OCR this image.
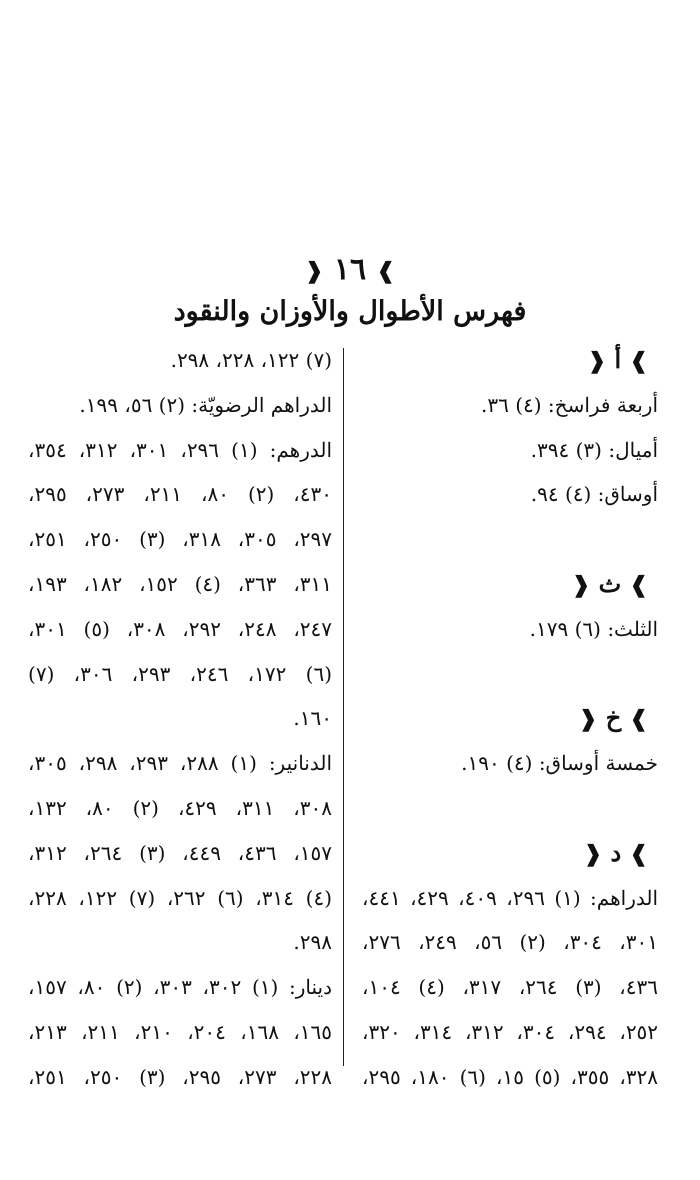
❱ ١٦ ❰
فهرس الأطوال والأوزان والنقود
❱ أ ❰
أربعة فراسخ: (٤) ٣٦.
أميال: (٣) ٣٩٤.
أوساق: (٤) ٩٤.
❱ ث ❰
الثلث: (٦) ١٧٩.
❱ خ ❰
خمسة أوساق: (٤) ١٩٠.
❱ د ❰
الدراهم: (١) ٢٩٦، ٤٠٩، ٤٢٩، ٤٤١،
٣٠١، ٣٠٤، (٢) ٥٦، ٢٤٩، ٢٧٦،
٤٣٦، (٣) ٢٦٤، ٣١٧، (٤) ١٠٤،
٢٥٢، ٢٩٤، ٣٠٤، ٣١٢، ٣١٤، ٣٢٠،
٣٢٨، ٣٥٥، (٥) ١٥، (٦) ١٨٠، ٢٩٥،
(٧) ١٢٢، ٢٢٨، ٢٩٨.
الدراهم الرضويّة: (٢) ٥٦، ١٩٩.
الدرهم: (١) ٢٩٦، ٣٠١، ٣١٢، ٣٥٤،
٤٣٠، (٢) ٨٠، ٢١١، ٢٧٣، ٢٩٥،
٢٩٧، ٣٠٥، ٣١٨، (٣) ٢٥٠، ٢٥١،
٣١١، ٣٦٣، (٤) ١٥٢، ١٨٢، ١٩٣،
٢٤٧، ٢٤٨، ٢٩٢، ٣٠٨، (٥) ٣٠١،
(٦) ١٧٢، ٢٤٦، ٢٩٣، ٣٠٦، (٧)
١٦٠.
الدنانير: (١) ٢٨٨، ٢٩٣، ٢٩٨، ٣٠٥،
٣٠٨، ٣١١، ٤٢٩، (٢) ٨٠، ١٣٢،
١٥٧، ٤٣٦، ٤٤٩، (٣) ٢٦٤، ٣١٢،
(٤) ٣١٤، (٦) ٢٦٢، (٧) ١٢٢، ٢٢٨،
٢٩٨.
دينار: (١) ٣٠٢، ٣٠٣، (٢) ٨٠، ١٥٧،
١٦٥، ١٦٨، ٢٠٤، ٢١٠، ٢١١، ٢١٣،
٢٢٨، ٢٧٣، ٢٩٥، (٣) ٢٥٠، ٢٥١،
